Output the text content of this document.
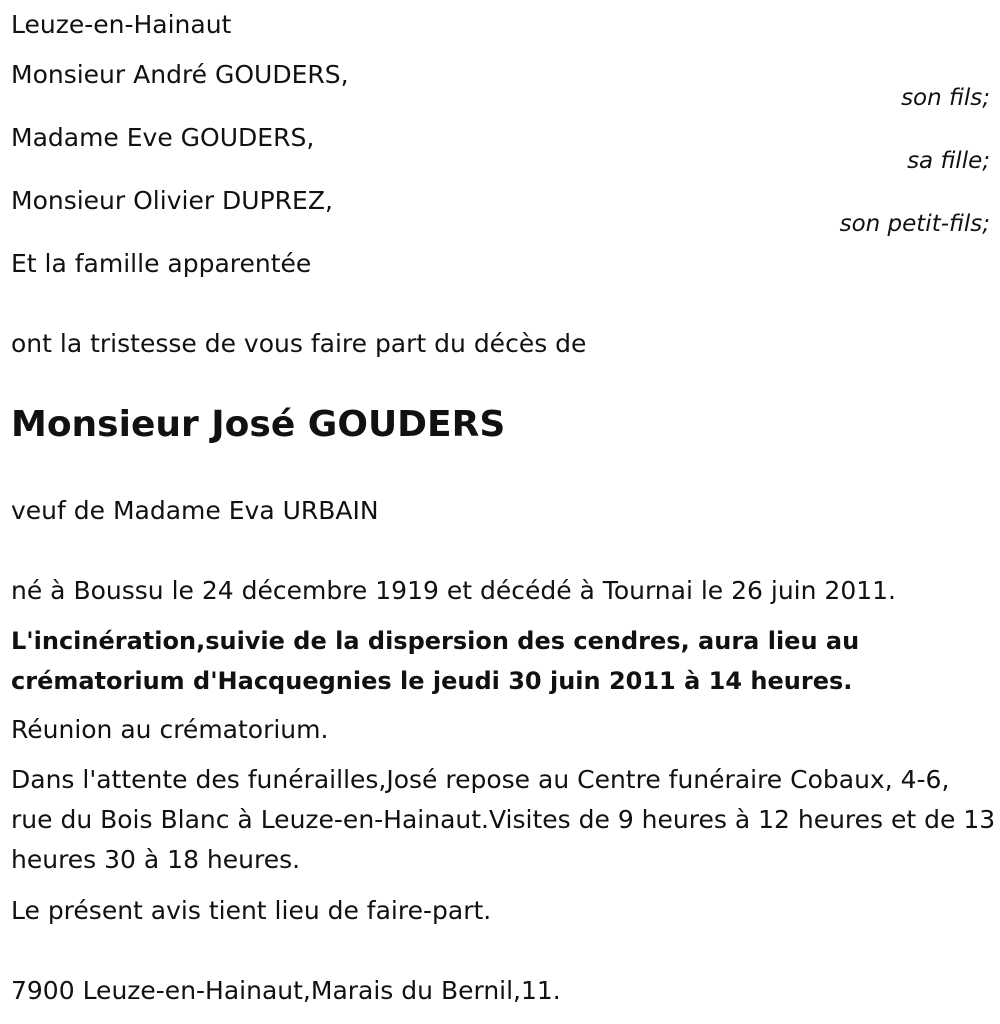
Leuze-en-Hainaut
Monsieur André GOUDERS,
son fils;
Madame Eve GOUDERS,
sa fille;
Monsieur Olivier DUPREZ,
son petit-fils;
Et la famille apparentée
ont la tristesse de vous faire part du décès de
Monsieur José GOUDERS
veuf de Madame Eva URBAIN
né à Boussu le 24 décembre 1919 et décédé à Tournai le 26 juin 2011.
L'incinération,suivie de la dispersion des cendres, aura lieu au crématorium d'Hacquegnies le jeudi 30 juin 2011 à 14 heures.
Réunion au crématorium.
Dans l'attente des funérailles,José repose au Centre funéraire Cobaux, 4-6, rue du Bois Blanc à Leuze-en-Hainaut.Visites de 9 heures à 12 heures et de 13 heures 30 à 18 heures.
Le présent avis tient lieu de faire-part.
7900 Leuze-en-Hainaut,Marais du Bernil,11.
